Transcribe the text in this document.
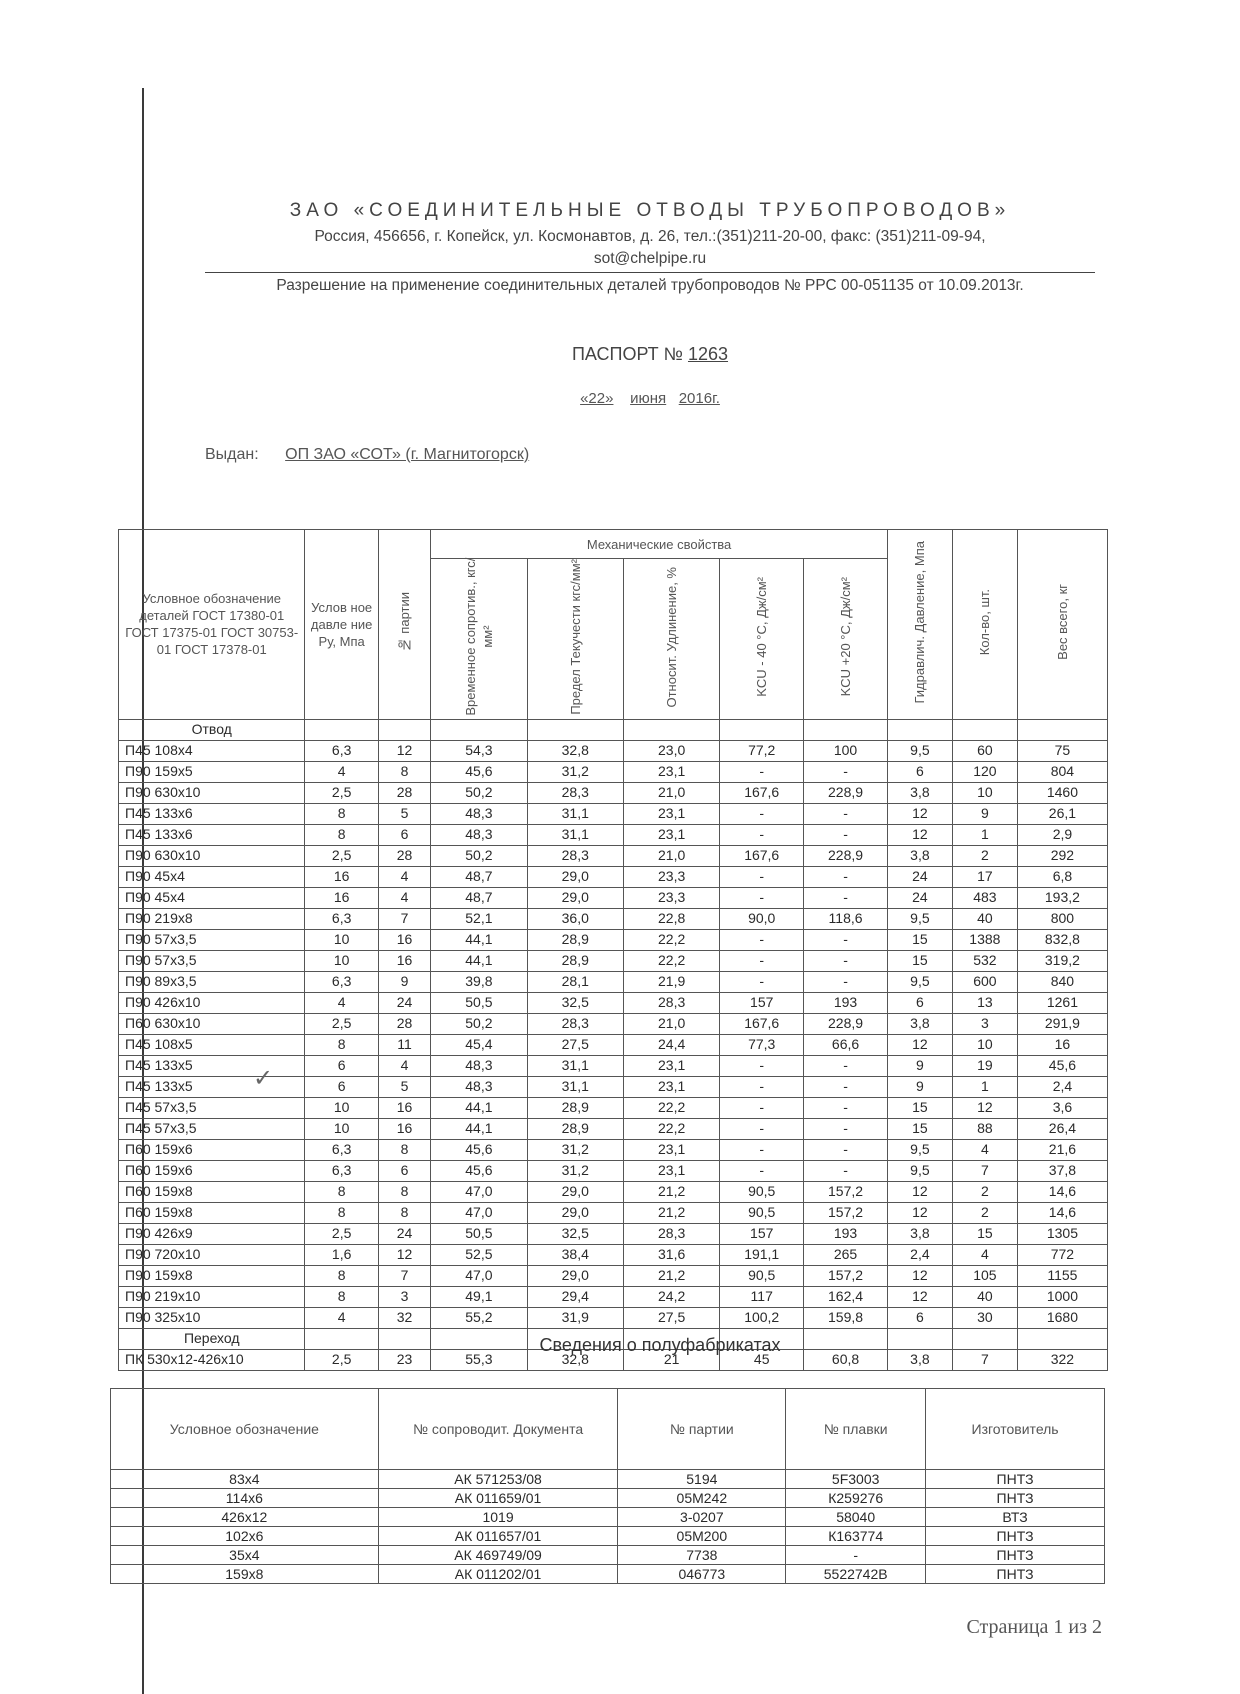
ЗАО «СОЕДИНИТЕЛЬНЫЕ ОТВОДЫ ТРУБОПРОВОДОВ»
Россия, 456656, г. Копейск, ул. Космонавтов, д. 26, тел.:(351)211-20-00, факс: (351)211-09-94,
sot@chelpipe.ru
Разрешение на применение соединительных деталей трубопроводов № РРС 00-051135 от 10.09.2013г.
ПАСПОРТ № 1263
«22» июня 2016г.
Выдан: ОП ЗАО «СОТ» (г. Магнитогорск)
Условное обозначение деталей ГОСТ 17380-01 ГОСТ 17375-01 ГОСТ 30753-01 ГОСТ 17378-01	Услов ное давле ние Ру, Мпа	№ партии	Механические свойства	Гидравлич. Давление, Мпа	Кол-во, шт.	Вес всего, кг
Временное сопротив., кгс/мм²	Предел Текучести кгс/мм²	Относит. Удлинение, %	KCU - 40 °С, Дж/см²	KCU +20 °С, Дж/см²
Отвод										
П45 108x4	6,3	12	54,3	32,8	23,0	77,2	100	9,5	60	75
П90 159x5	4	8	45,6	31,2	23,1	-	-	6	120	804
П90 630x10	2,5	28	50,2	28,3	21,0	167,6	228,9	3,8	10	1460
П45 133x6	8	5	48,3	31,1	23,1	-	-	12	9	26,1
П45 133x6	8	6	48,3	31,1	23,1	-	-	12	1	2,9
П90 630x10	2,5	28	50,2	28,3	21,0	167,6	228,9	3,8	2	292
П90 45x4	16	4	48,7	29,0	23,3	-	-	24	17	6,8
П90 45x4	16	4	48,7	29,0	23,3	-	-	24	483	193,2
П90 219x8	6,3	7	52,1	36,0	22,8	90,0	118,6	9,5	40	800
П90 57x3,5	10	16	44,1	28,9	22,2	-	-	15	1388	832,8
П90 57x3,5	10	16	44,1	28,9	22,2	-	-	15	532	319,2
П90 89x3,5	6,3	9	39,8	28,1	21,9	-	-	9,5	600	840
П90 426x10	4	24	50,5	32,5	28,3	157	193	6	13	1261
П60 630x10	2,5	28	50,2	28,3	21,0	167,6	228,9	3,8	3	291,9
П45 108x5	8	11	45,4	27,5	24,4	77,3	66,6	12	10	16
П45 133x5	6	4	48,3	31,1	23,1	-	-	9	19	45,6
П45 133x5	6	5	48,3	31,1	23,1	-	-	9	1	2,4
П45 57x3,5	10	16	44,1	28,9	22,2	-	-	15	12	3,6
П45 57x3,5	10	16	44,1	28,9	22,2	-	-	15	88	26,4
П60 159x6	6,3	8	45,6	31,2	23,1	-	-	9,5	4	21,6
П60 159x6	6,3	6	45,6	31,2	23,1	-	-	9,5	7	37,8
П60 159x8	8	8	47,0	29,0	21,2	90,5	157,2	12	2	14,6
П60 159x8	8	8	47,0	29,0	21,2	90,5	157,2	12	2	14,6
П90 426x9	2,5	24	50,5	32,5	28,3	157	193	3,8	15	1305
П90 720x10	1,6	12	52,5	38,4	31,6	191,1	265	2,4	4	772
П90 159x8	8	7	47,0	29,0	21,2	90,5	157,2	12	105	1155
П90 219x10	8	3	49,1	29,4	24,2	117	162,4	12	40	1000
П90 325x10	4	32	55,2	31,9	27,5	100,2	159,8	6	30	1680
Переход										
ПК 530x12-426x10	2,5	23	55,3	32,8	21	45	60,8	3,8	7	322
✓
Сведения о полуфабрикатах
Условное обозначение	№ сопроводит. Документа	№ партии	№ плавки	Изготовитель
83x4	АК 571253/08	5194	5F3003	ПНТЗ
114x6	АК 011659/01	05М242	К259276	ПНТЗ
426x12	1019	3-0207	58040	ВТЗ
102x6	АК 011657/01	05М200	К163774	ПНТЗ
35x4	АК 469749/09	7738	-	ПНТЗ
159x8	АК 011202/01	046773	5522742В	ПНТЗ
Страница 1 из 2
